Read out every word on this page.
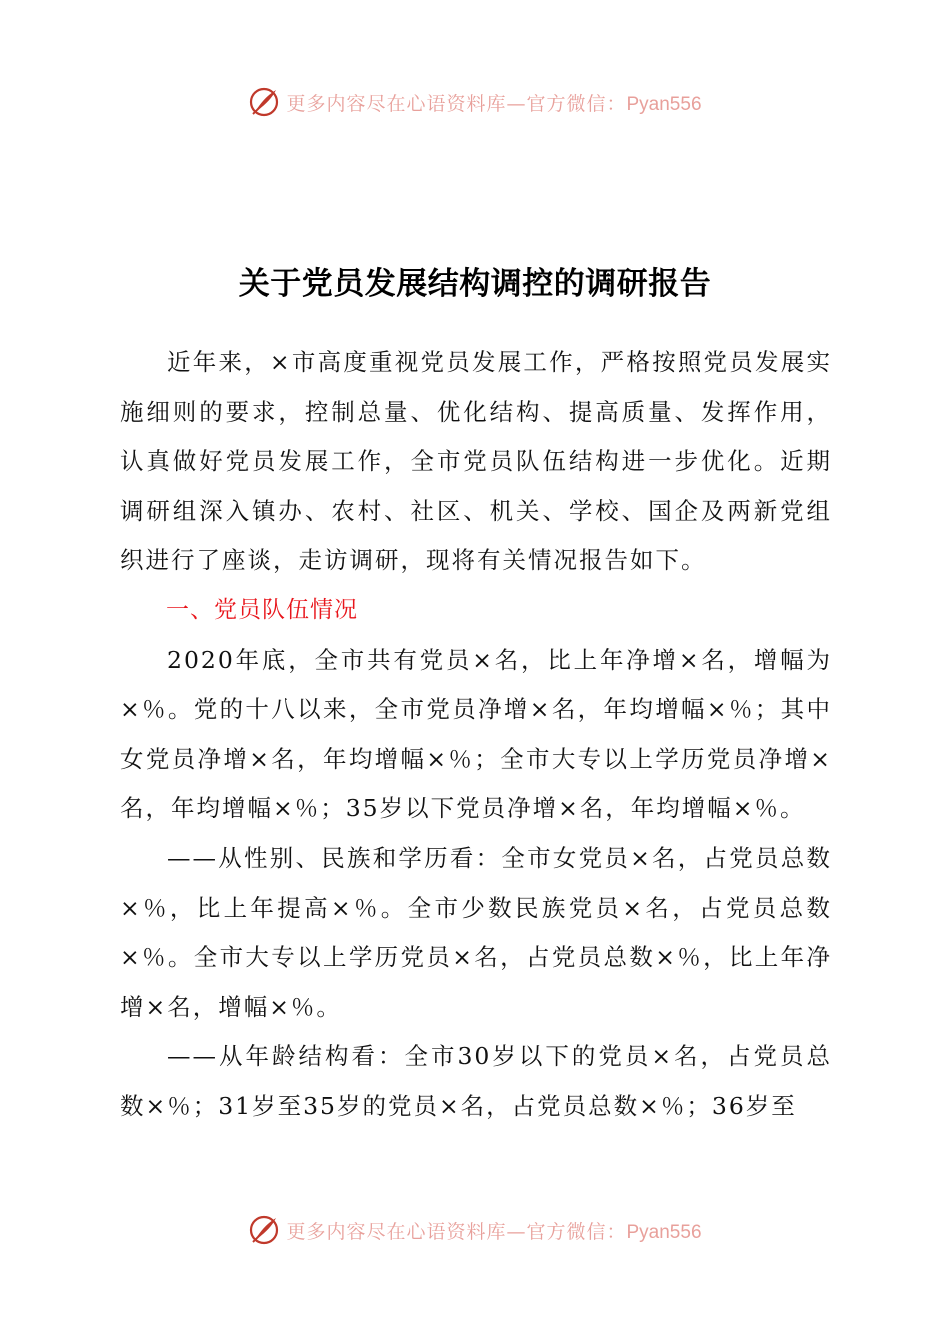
更多内容尽在心语资料库—官方微信：Pyan556
关于党员发展结构调控的调研报告

近年来，×市高度重视党员发展工作，严格按照党员发展实施细则的要求，控制总量、优化结构、提高质量、发挥作用，认真做好党员发展工作，全市党员队伍结构进一步优化。近期调研组深入镇办、农村、社区、机关、学校、国企及两新党组织进行了座谈，走访调研，现将有关情况报告如下。

一、党员队伍情况

2020年底，全市共有党员×名，比上年净增×名，增幅为×％。党的十八以来，全市党员净增×名，年均增幅×％；其中女党员净增×名，年均增幅×％；全市大专以上学历党员净增×名，年均增幅×％；35岁以下党员净增×名，年均增幅×％。

——从性别、民族和学历看：全市女党员×名，占党员总数×％，比上年提高×％。全市少数民族党员×名，占党员总数×％。全市大专以上学历党员×名，占党员总数×％，比上年净增×名，增幅×％。

——从年龄结构看：全市30岁以下的党员×名，占党员总数×％；31岁至35岁的党员×名，占党员总数×％；36岁至

更多内容尽在心语资料库—官方微信：Pyan556
